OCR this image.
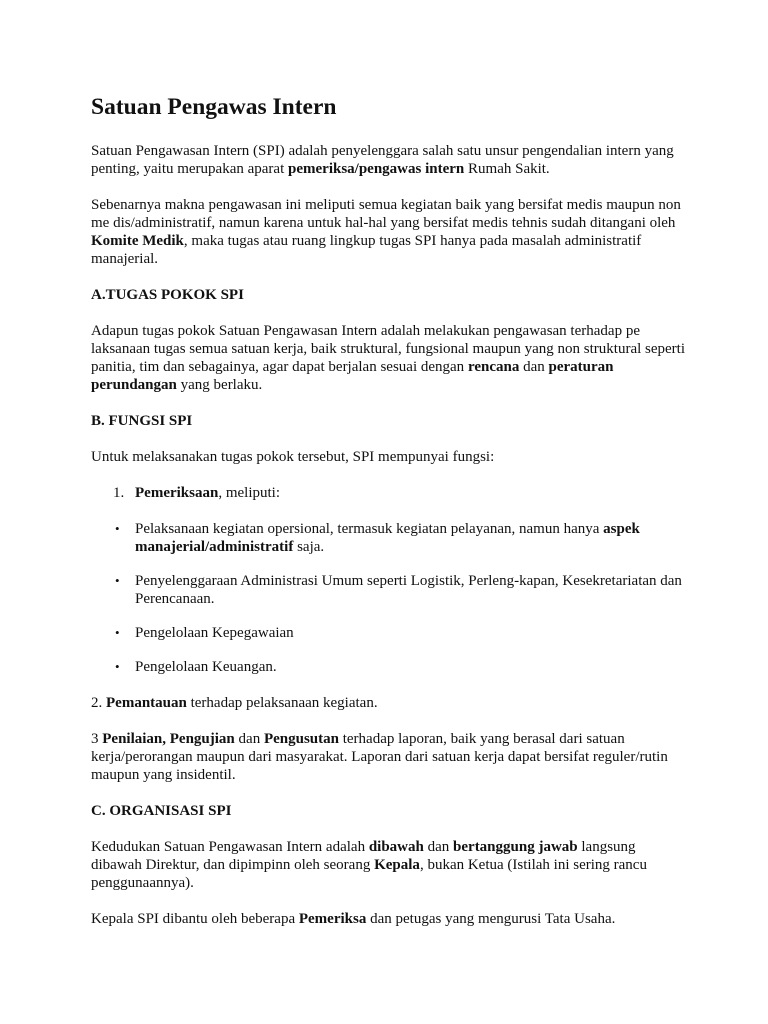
Satuan Pengawas Intern

Satuan Pengawasan Intern (SPI) adalah penyelenggara salah satu unsur pengendalian intern yang penting, yaitu merupakan aparat pemeriksa/pengawas intern Rumah Sakit.

Sebenarnya makna pengawasan ini meliputi semua kegiatan baik yang bersifat medis maupun non me dis/administratif, namun karena untuk hal-hal yang bersifat medis tehnis sudah ditangani oleh Komite Medik, maka tugas atau ruang lingkup tugas SPI hanya pada masalah administratif manajerial.

A.TUGAS POKOK SPI

Adapun tugas pokok Satuan Pengawasan Intern adalah melakukan pengawasan terhadap pe laksanaan tugas semua satuan kerja, baik struktural, fungsional maupun yang non struktural seperti panitia, tim dan sebagainya, agar dapat berjalan sesuai dengan rencana dan peraturan perundangan yang berlaku.

B. FUNGSI SPI

Untuk melaksanakan tugas pokok tersebut, SPI mempunyai fungsi:

1. Pemeriksaan, meliputi:
• Pelaksanaan kegiatan opersional, termasuk kegiatan pelayanan, namun hanya aspek manajerial/administratif saja.
• Penyelenggaraan Administrasi Umum seperti Logistik, Perleng-kapan, Kesekretariatan dan Perencanaan.
• Pengelolaan Kepegawaian
• Pengelolaan Keuangan.

2. Pemantauan terhadap pelaksanaan kegiatan.

3 Penilaian, Pengujian dan Pengusutan terhadap laporan, baik yang berasal dari satuan kerja/perorangan maupun dari masyarakat. Laporan dari satuan kerja dapat bersifat reguler/rutin maupun yang insidentil.

C. ORGANISASI SPI

Kedudukan Satuan Pengawasan Intern adalah dibawah dan bertanggung jawab langsung dibawah Direktur, dan dipimpinn oleh seorang Kepala, bukan Ketua (Istilah ini sering rancu penggunaannya).

Kepala SPI dibantu oleh beberapa Pemeriksa dan petugas yang mengurusi Tata Usaha.
